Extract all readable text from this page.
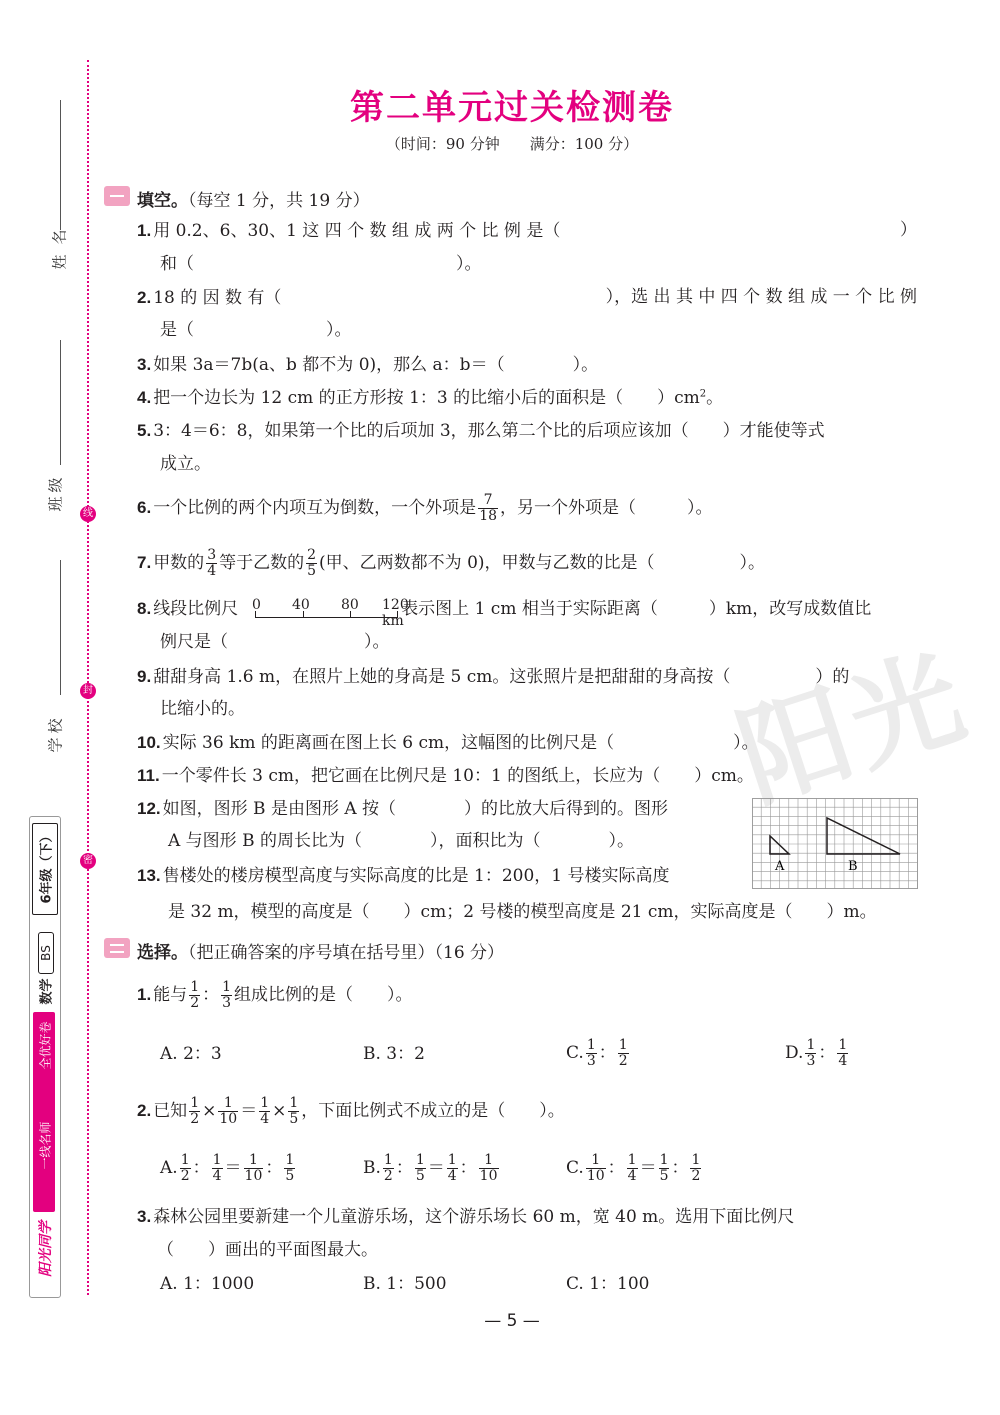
姓名
班级
学校
线
封
密
6年级（下）
BS
数学
全优好卷
一线名师
阳光同学
阳光
第二单元过关检测卷
（时间：90 分钟　　满分：100 分）
填空。（每空 1 分，共 19 分）
1. 用 0.2、6、30、1 这 四 个 数 组 成 两 个 比 例 是（	）
和（	）。
2. 18 的 因 数 有（	），选 出 其 中 四 个 数 组 成 一 个 比 例
是（	）。
3. 如果 3a＝7b(a、b 都不为 0)，那么 a：b＝（　　　　）。
4. 把一个边长为 12 cm 的正方形按 1：3 的比缩小后的面积是（　　）$cm^2$。
5. 3：4＝6：8，如果第一个比的后项加 3，那么第二个比的后项应该加（　　）才能使等式
成立。
6. 一个比例的两个内项互为倒数，一个外项是 $\frac{7}{18}$ ，另一个外项是（　　　）。
7. 甲数的 $\frac{3}{4}$ 等于乙数的 $\frac{2}{5}$ (甲、乙两数都不为 0)，甲数与乙数的比是（　　　　　）。
8. 线段比例尺	表示图上 1 cm 相当于实际距离（　　　）km，改写成数值比
0 40 80 120 km
例尺是（　　　　　　　　）。
9. 甜甜身高 1.6 m，在照片上她的身高是 5 cm。这张照片是把甜甜的身高按（　　　　　）的
比缩小的。
10. 实际 36 km 的距离画在图上长 6 cm，这幅图的比例尺是（　　　　　　　）。
11. 一个零件长 3 cm，把它画在比例尺是 10：1 的图纸上，长应为（　　）cm。
12. 如图，图形 B 是由图形 A 按（　　　　）的比放大后得到的。图形
A 与图形 B 的周长比为（　　　　），面积比为（　　　　）。
A	B
13. 售楼处的楼房模型高度与实际高度的比是 1：200，1 号楼实际高度
是 32 m，模型的高度是（　　）cm；2 号楼的模型高度是 21 cm，实际高度是（　　）m。
选择。（把正确答案的序号填在括号里）（16 分）
1. 能与 $\frac{1}{2}$ ： $\frac{1}{3}$ 组成比例的是（　　）。
A. 2：3	B. 3：2	C. $\frac{1}{3}$ ： $\frac{1}{2}$	D. $\frac{1}{3}$ ： $\frac{1}{4}$
2. 已知 $\frac{1}{2} \times \frac{1}{10} = \frac{1}{4} \times \frac{1}{5}$ ，下面比例式不成立的是（　　）。
A. $\frac{1}{2}$ ： $\frac{1}{4} = \frac{1}{10}$ ： $\frac{1}{5}$	B. $\frac{1}{2}$ ： $\frac{1}{5} = \frac{1}{4}$ ： $\frac{1}{10}$	C. $\frac{1}{10}$ ： $\frac{1}{4} = \frac{1}{5}$ ： $\frac{1}{2}$
3. 森林公园里要新建一个儿童游乐场，这个游乐场长 60 m，宽 40 m。选用下面比例尺
（　　）画出的平面图最大。
A. 1：1000	B. 1：500	C. 1：100
— 5 —
